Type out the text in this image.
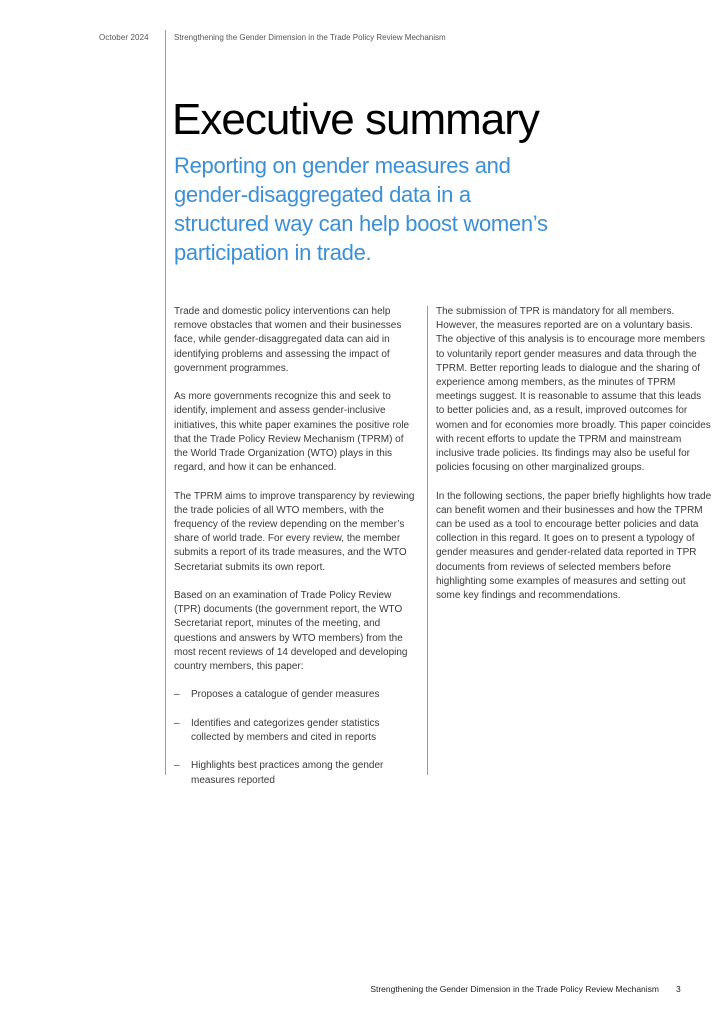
October 2024	Strengthening the Gender Dimension in the Trade Policy Review Mechanism
Executive summary
Reporting on gender measures and gender-disaggregated data in a structured way can help boost women’s participation in trade.

Trade and domestic policy interventions can help remove obstacles that women and their businesses face, while gender-disaggregated data can aid in identifying problems and assessing the impact of government programmes.

As more governments recognize this and seek to identify, implement and assess gender-inclusive initiatives, this white paper examines the positive role that the Trade Policy Review Mechanism (TPRM) of the World Trade Organization (WTO) plays in this regard, and how it can be enhanced.

The TPRM aims to improve transparency by reviewing the trade policies of all WTO members, with the frequency of the review depending on the member’s share of world trade. For every review, the member submits a report of its trade measures, and the WTO Secretariat submits its own report.

Based on an examination of Trade Policy Review (TPR) documents (the government report, the WTO Secretariat report, minutes of the meeting, and questions and answers by WTO members) from the most recent reviews of 14 developed and developing country members, this paper:

– Proposes a catalogue of gender measures
– Identifies and categorizes gender statistics collected by members and cited in reports
– Highlights best practices among the gender measures reported

The submission of TPR is mandatory for all members. However, the measures reported are on a voluntary basis. The objective of this analysis is to encourage more members to voluntarily report gender measures and data through the TPRM. Better reporting leads to dialogue and the sharing of experience among members, as the minutes of TPRM meetings suggest. It is reasonable to assume that this leads to better policies and, as a result, improved outcomes for women and for economies more broadly. This paper coincides with recent efforts to update the TPRM and mainstream inclusive trade policies. Its findings may also be useful for policies focusing on other marginalized groups.

In the following sections, the paper briefly highlights how trade can benefit women and their businesses and how the TPRM can be used as a tool to encourage better policies and data collection in this regard. It goes on to present a typology of gender measures and gender-related data reported in TPR documents from reviews of selected members before highlighting some examples of measures and setting out some key findings and recommendations.

Strengthening the Gender Dimension in the Trade Policy Review Mechanism 3
